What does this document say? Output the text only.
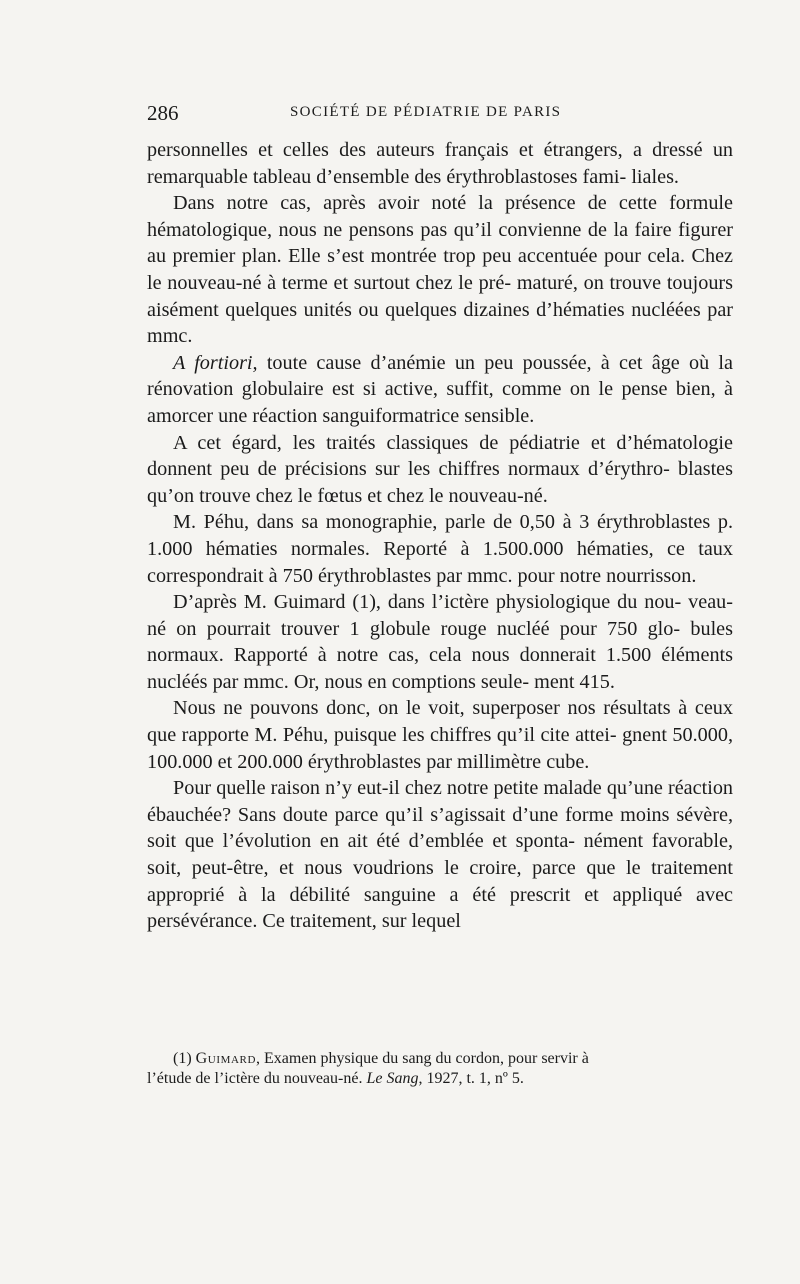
286	SOCIÉTÉ DE PÉDIATRIE DE PARIS

personnelles et celles des auteurs français et étrangers, a dressé un remarquable tableau d’ensemble des érythroblastoses fami- liales.

Dans notre cas, après avoir noté la présence de cette formule hématologique, nous ne pensons pas qu’il convienne de la faire figurer au premier plan. Elle s’est montrée trop peu accentuée pour cela. Chez le nouveau-né à terme et surtout chez le pré- maturé, on trouve toujours aisément quelques unités ou quelques dizaines d’hématies nucléées par mmc.

A fortiori, toute cause d’anémie un peu poussée, à cet âge où la rénovation globulaire est si active, suffit, comme on le pense bien, à amorcer une réaction sanguiformatrice sensible.

A cet égard, les traités classiques de pédiatrie et d’hématologie donnent peu de précisions sur les chiffres normaux d’érythro- blastes qu’on trouve chez le fœtus et chez le nouveau-né.

M. Péhu, dans sa monographie, parle de 0,50 à 3 érythroblastes p. 1.000 hématies normales. Reporté à 1.500.000 hématies, ce taux correspondrait à 750 érythroblastes par mmc. pour notre nourrisson.

D’après M. Guimard (1), dans l’ictère physiologique du nou- veau-né on pourrait trouver 1 globule rouge nucléé pour 750 glo- bules normaux. Rapporté à notre cas, cela nous donnerait 1.500 éléments nucléés par mmc. Or, nous en comptions seule- ment 415.

Nous ne pouvons donc, on le voit, superposer nos résultats à ceux que rapporte M. Péhu, puisque les chiffres qu’il cite attei- gnent 50.000, 100.000 et 200.000 érythroblastes par millimètre cube.

Pour quelle raison n’y eut-il chez notre petite malade qu’une réaction ébauchée? Sans doute parce qu’il s’agissait d’une forme moins sévère, soit que l’évolution en ait été d’emblée et sponta- nément favorable, soit, peut-être, et nous voudrions le croire, parce que le traitement approprié à la débilité sanguine a été prescrit et appliqué avec persévérance. Ce traitement, sur lequel

(1) Guimard, Examen physique du sang du cordon, pour servir à
l’étude de l’ictère du nouveau-né. Le Sang, 1927, t. 1, nº 5.
